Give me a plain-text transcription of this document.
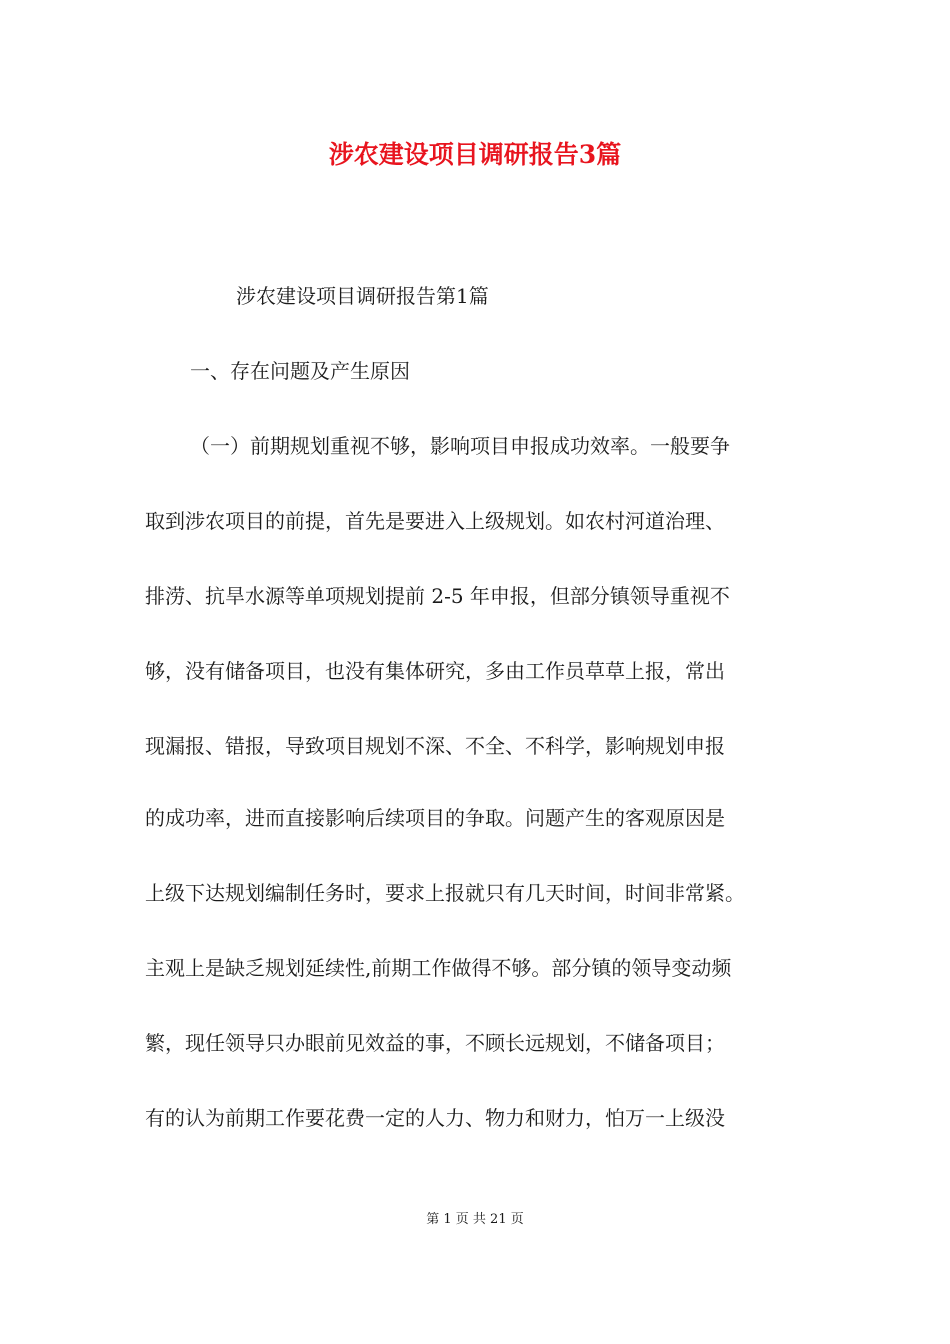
涉农建设项目调研报告3篇
涉农建设项目调研报告第1篇
一、存在问题及产生原因
（一）前期规划重视不够，影响项目申报成功效率。一般要争
取到涉农项目的前提，首先是要进入上级规划。如农村河道治理、
排涝、抗旱水源等单项规划提前 2-5 年申报，但部分镇领导重视不
够，没有储备项目，也没有集体研究，多由工作员草草上报，常出
现漏报、错报，导致项目规划不深、不全、不科学，影响规划申报
的成功率，进而直接影响后续项目的争取。问题产生的客观原因是
上级下达规划编制任务时，要求上报就只有几天时间，时间非常紧。
主观上是缺乏规划延续性,前期工作做得不够。部分镇的领导变动频
繁，现任领导只办眼前见效益的事，不顾长远规划，不储备项目；
有的认为前期工作要花费一定的人力、物力和财力，怕万一上级没
第 1 页 共 21 页
